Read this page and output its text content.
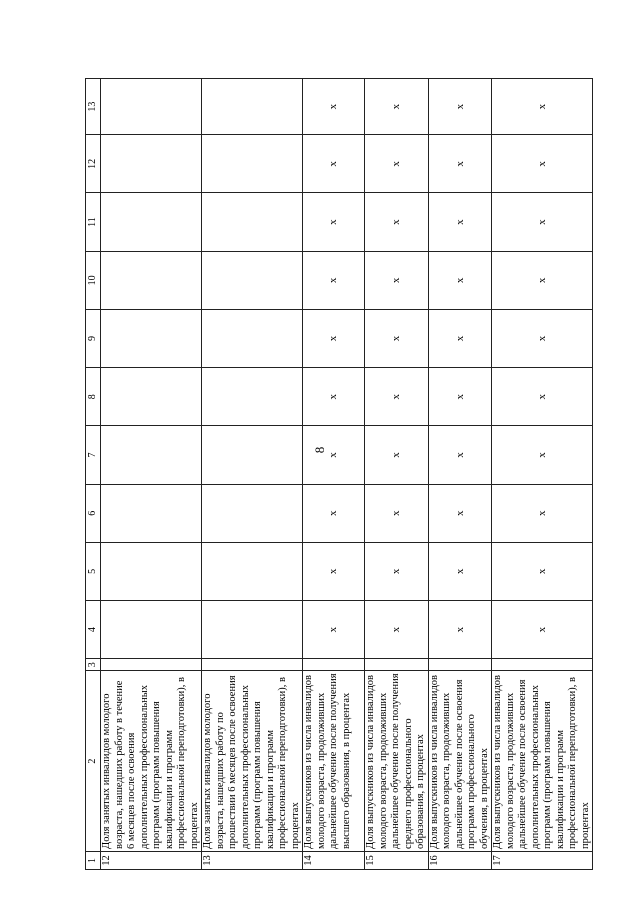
8
1	2	3	4	5	6	7	8	9	10	11	12	13
12	Доля занятых инвалидов молодого возраста, нашедших работу в течение 6 месяцев после освоения дополнительных профессиональных программ (программ повышения квалификации и программ профессиональной переподготовки), в процентах											
13	Доля занятых инвалидов молодого возраста, нашедших работу по прошествии 6 месяцев после освоения дополнительных профессиональных программ (программ повышения квалификации и программ профессиональной переподготовки), в процентах											
14	Доля выпускников из числа инвалидов молодого возраста, продолживших дальнейшее обучение после получения высшего образования, в процентах		x	x	x	x	x	x	x	x	x	x
15	Доля выпускников из числа инвалидов молодого возраста, продолживших дальнейшее обучение после получения среднего профессионального образования, в процентах		x	x	x	x	x	x	x	x	x	x
16	Доля выпускников из числа инвалидов молодого возраста, продолживших дальнейшее обучение после освоения программ профессионального обучения, в процентах		x	x	x	x	x	x	x	x	x	x
17	Доля выпускников из числа инвалидов молодого возраста, продолживших дальнейшее обучение после освоения дополнительных профессиональных программ (программ повышения квалификации и программ профессиональной переподготовки), в процентах		x	x	x	x	x	x	x	x	x	x
